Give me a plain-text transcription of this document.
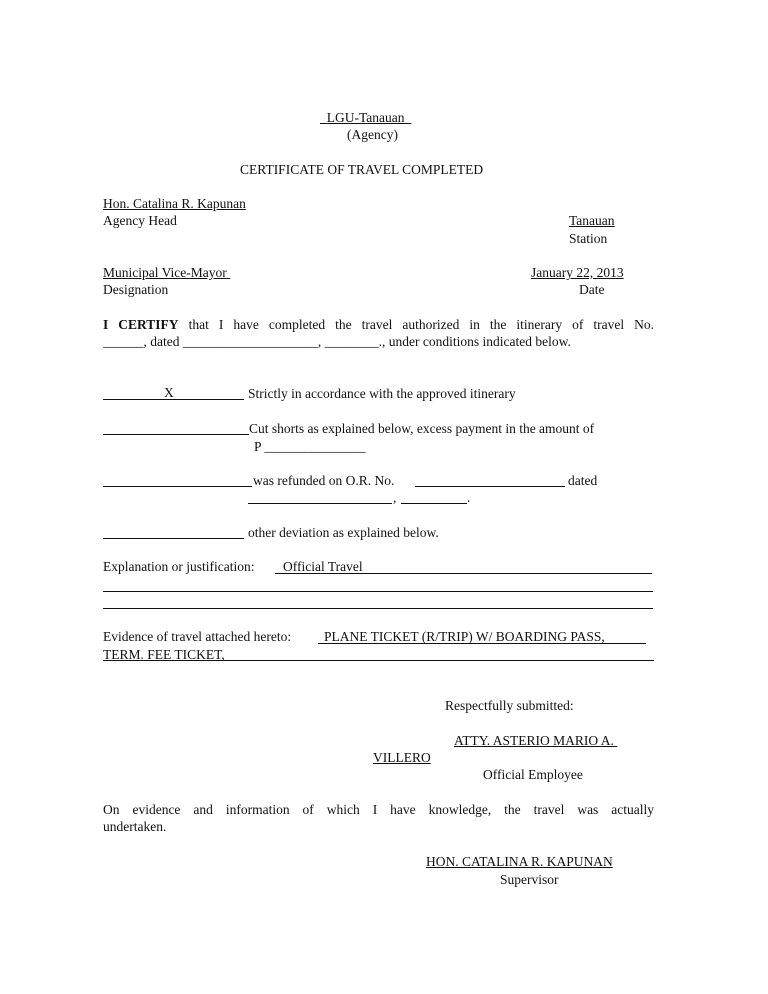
LGU-Tanauan
(Agency)
CERTIFICATE OF TRAVEL COMPLETED
Hon. Catalina R. Kapunan
Agency Head	Tanauan
Station
Municipal Vice-Mayor
Designation
January 22, 2013
Date
I CERTIFY that I have completed the travel authorized in the itinerary of travel No.
______, dated ____________________, ________., under conditions indicated below.
X	Strictly in accordance with the approved itinerary
Cut shorts as explained below, excess payment in the amount of
P _______________
was refunded on O.R. No.	dated
,	.
other deviation as explained below.
Explanation or justification: Official Travel
Evidence of travel attached hereto: PLANE TICKET (R/TRIP) W/ BOARDING PASS,
TERM. FEE TICKET,
Respectfully submitted:
ATTY. ASTERIO MARIO A.
VILLERO
Official Employee
On evidence and information of which I have knowledge, the travel was actually
undertaken.
HON. CATALINA R. KAPUNAN
Supervisor
